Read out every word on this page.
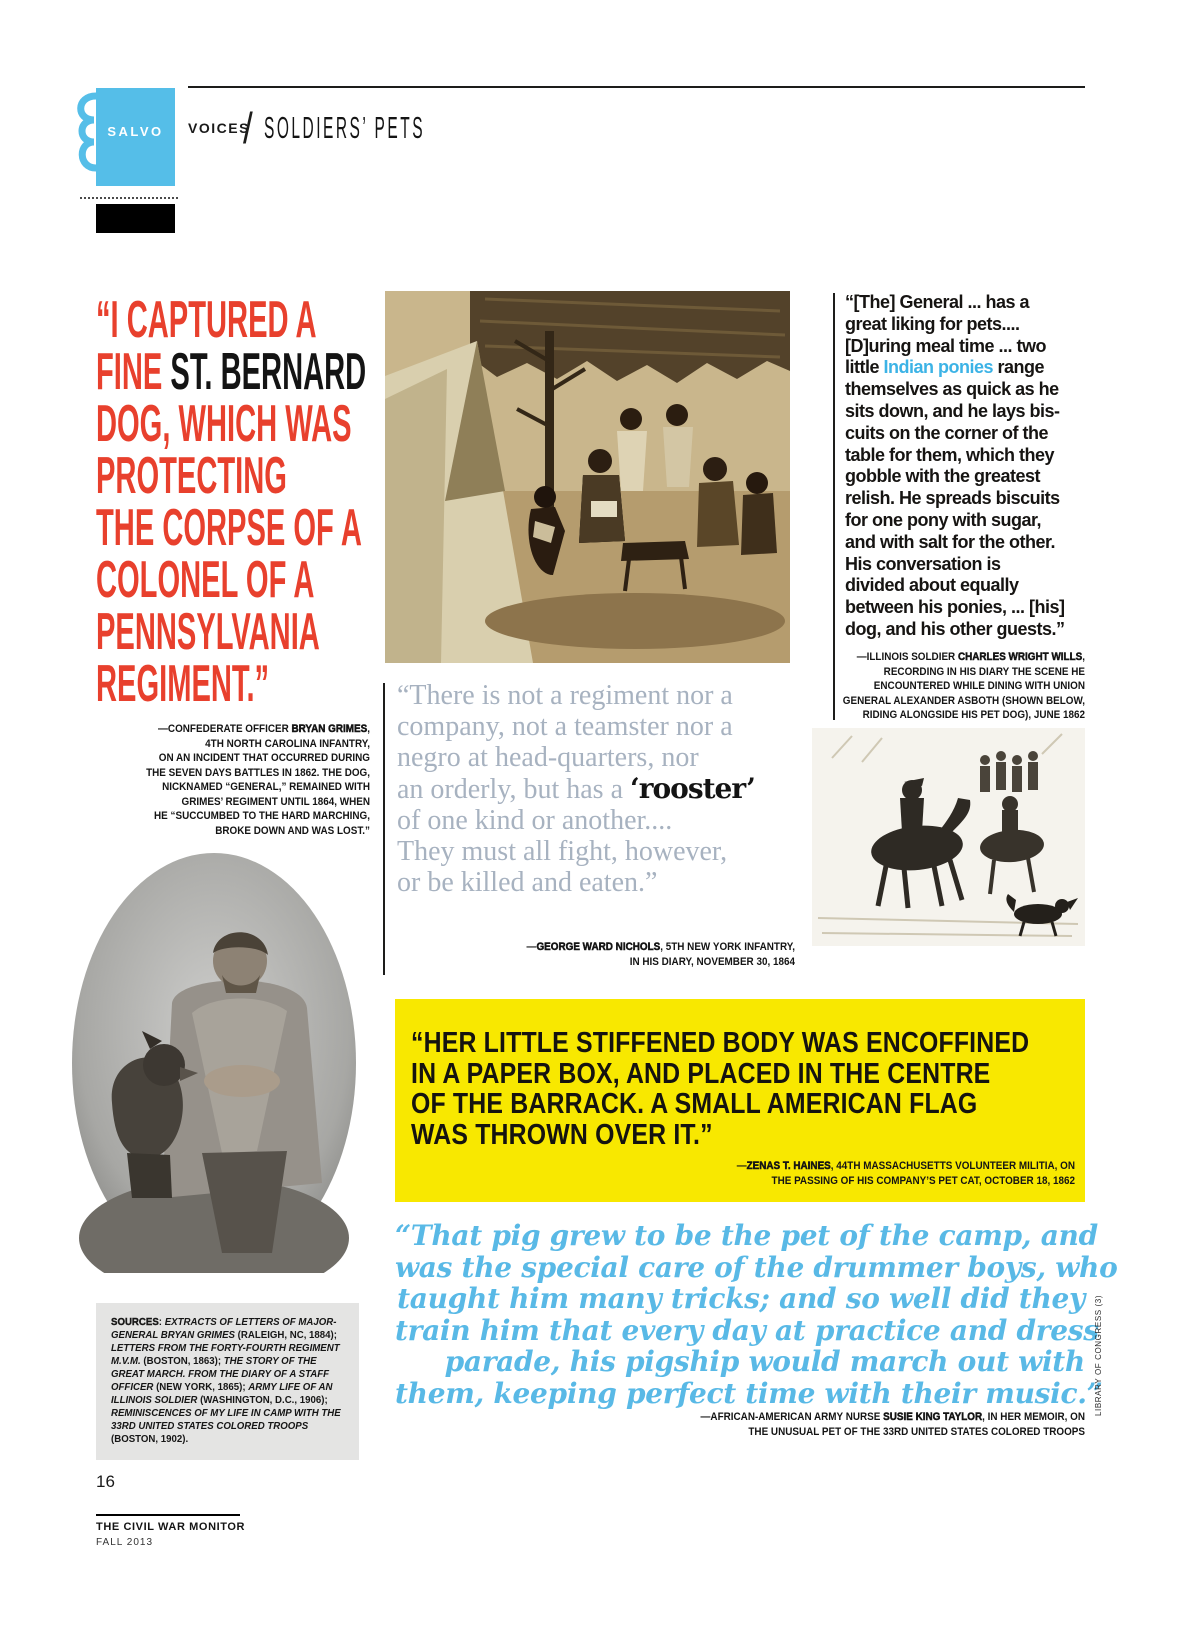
SALVO	VOICES
/ SOLDIERS’ PETS
“I CAPTURED A
FINE ST. BERNARD
DOG, WHICH WAS
PROTECTING
THE CORPSE OF A
COLONEL OF A
PENNSYLVANIA
REGIMENT.”
—CONFEDERATE OFFICER BRYAN GRIMES,
4TH NORTH CAROLINA INFANTRY,
ON AN INCIDENT THAT OCCURRED DURING
THE SEVEN DAYS BATTLES IN 1862. THE DOG,
NICKNAMED “GENERAL,” REMAINED WITH
GRIMES’ REGIMENT UNTIL 1864, WHEN
HE “SUCCUMBED TO THE HARD MARCHING,
BROKE DOWN AND WAS LOST.”
SOURCES: EXTRACTS OF LETTERS OF MAJOR-GENERAL BRYAN GRIMES (RALEIGH, NC, 1884); LETTERS FROM THE FORTY-FOURTH REGIMENT M.V.M. (BOSTON, 1863); THE STORY OF THE GREAT MARCH. FROM THE DIARY OF A STAFF OFFICER (NEW YORK, 1865); ARMY LIFE OF AN ILLINOIS SOLDIER (WASHINGTON, D.C., 1906); REMINISCENCES OF MY LIFE IN CAMP WITH THE 33RD UNITED STATES COLORED TROOPS (BOSTON, 1902).
“There is not a regiment nor a
company, not a teamster nor a
negro at head-quarters, nor
an orderly, but has a ‘rooster’
of one kind or another....
They must all fight, however,
or be killed and eaten.”
—GEORGE WARD NICHOLS, 5TH NEW YORK INFANTRY,
IN HIS DIARY, NOVEMBER 30, 1864
“HER LITTLE STIFFENED BODY WAS ENCOFFINED
IN A PAPER BOX, AND PLACED IN THE CENTRE
OF THE BARRACK. A SMALL AMERICAN FLAG
WAS THROWN OVER IT.”
—ZENAS T. HAINES, 44TH MASSACHUSETTS VOLUNTEER MILITIA, ON
THE PASSING OF HIS COMPANY’S PET CAT, OCTOBER 18, 1862
“That pig grew to be the pet of the camp, and
was the special care of the drummer boys, who
taught him many tricks; and so well did they
train him that every day at practice and dress
parade, his pigship would march out with
them, keeping perfect time with their music.”
—AFRICAN-AMERICAN ARMY NURSE SUSIE KING TAYLOR, IN HER MEMOIR, ON
THE UNUSUAL PET OF THE 33RD UNITED STATES COLORED TROOPS
“[The] General ... has a
great liking for pets....
[D]uring meal time ... two
little Indian ponies range
themselves as quick as he
sits down, and he lays bis-
cuits on the corner of the
table for them, which they
gobble with the greatest
relish. He spreads biscuits
for one pony with sugar,
and with salt for the other.
His conversation is
divided about equally
between his ponies, ... [his]
dog, and his other guests.”
—ILLINOIS SOLDIER CHARLES WRIGHT WILLS,
RECORDING IN HIS DIARY THE SCENE HE
ENCOUNTERED WHILE DINING WITH UNION
GENERAL ALEXANDER ASBOTH (SHOWN BELOW,
RIDING ALONGSIDE HIS PET DOG), JUNE 1862
LIBRARY OF CONGRESS (3)
16
THE CIVIL WAR MONITOR
FALL 2013
